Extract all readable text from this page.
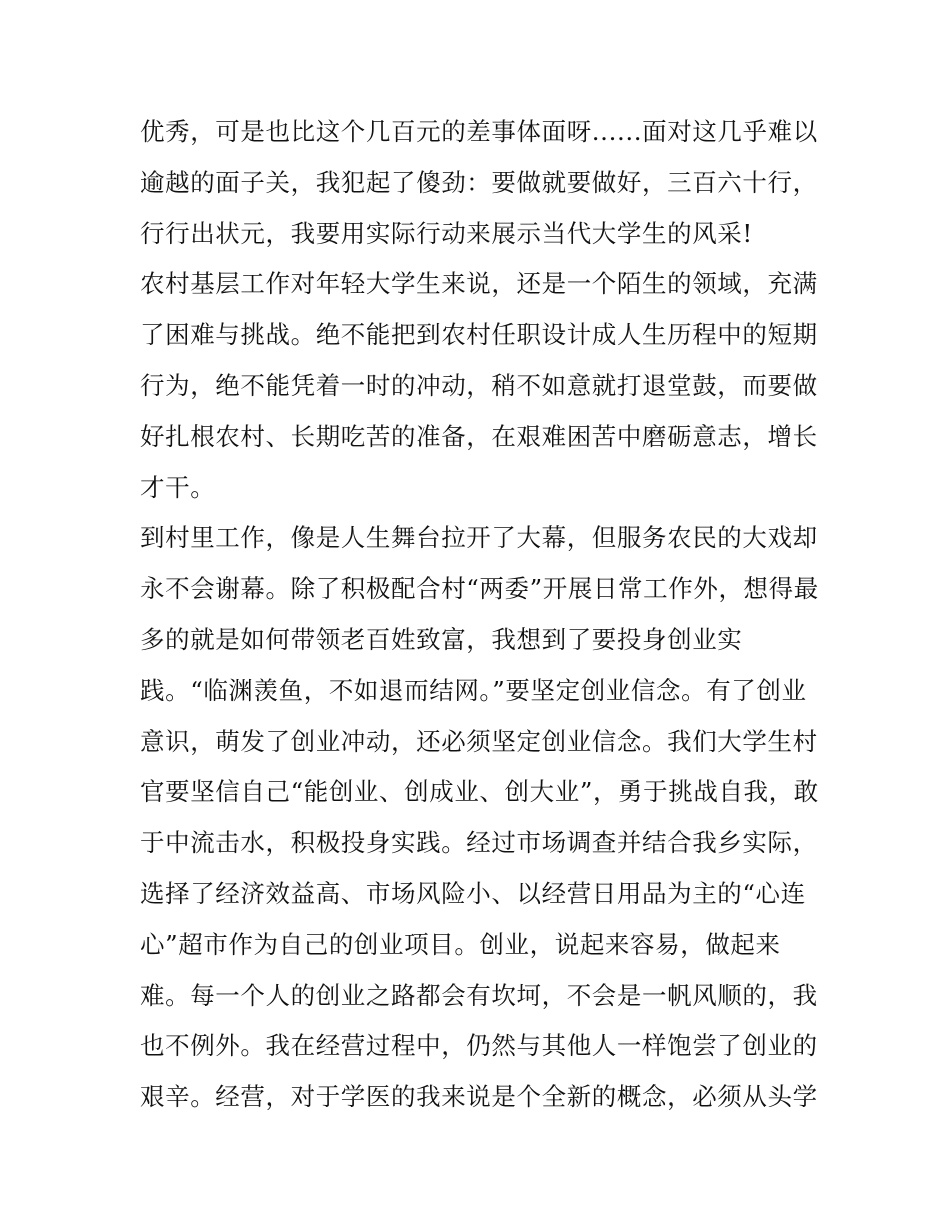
优秀，可是也比这个几百元的差事体面呀......面对这几乎难以
逾越的面子关，我犯起了傻劲：要做就要做好，三百六十行，
行行出状元，我要用实际行动来展示当代大学生的风采!
农村基层工作对年轻大学生来说，还是一个陌生的领域，充满
了困难与挑战。绝不能把到农村任职设计成人生历程中的短期
行为，绝不能凭着一时的冲动，稍不如意就打退堂鼓，而要做
好扎根农村、长期吃苦的准备，在艰难困苦中磨砺意志，增长
才干。
到村里工作，像是人生舞台拉开了大幕，但服务农民的大戏却
永不会谢幕。除了积极配合村“两委”开展日常工作外，想得最
多的就是如何带领老百姓致富，我想到了要投身创业实
践。“临渊羡鱼，不如退而结网。”要坚定创业信念。有了创业
意识，萌发了创业冲动，还必须坚定创业信念。我们大学生村
官要坚信自己“能创业、创成业、创大业”，勇于挑战自我，敢
于中流击水，积极投身实践。经过市场调查并结合我乡实际，
选择了经济效益高、市场风险小、以经营日用品为主的“心连
心”超市作为自己的创业项目。创业，说起来容易，做起来
难。每一个人的创业之路都会有坎坷，不会是一帆风顺的，我
也不例外。我在经营过程中，仍然与其他人一样饱尝了创业的
艰辛。经营，对于学医的我来说是个全新的概念，必须从头学
